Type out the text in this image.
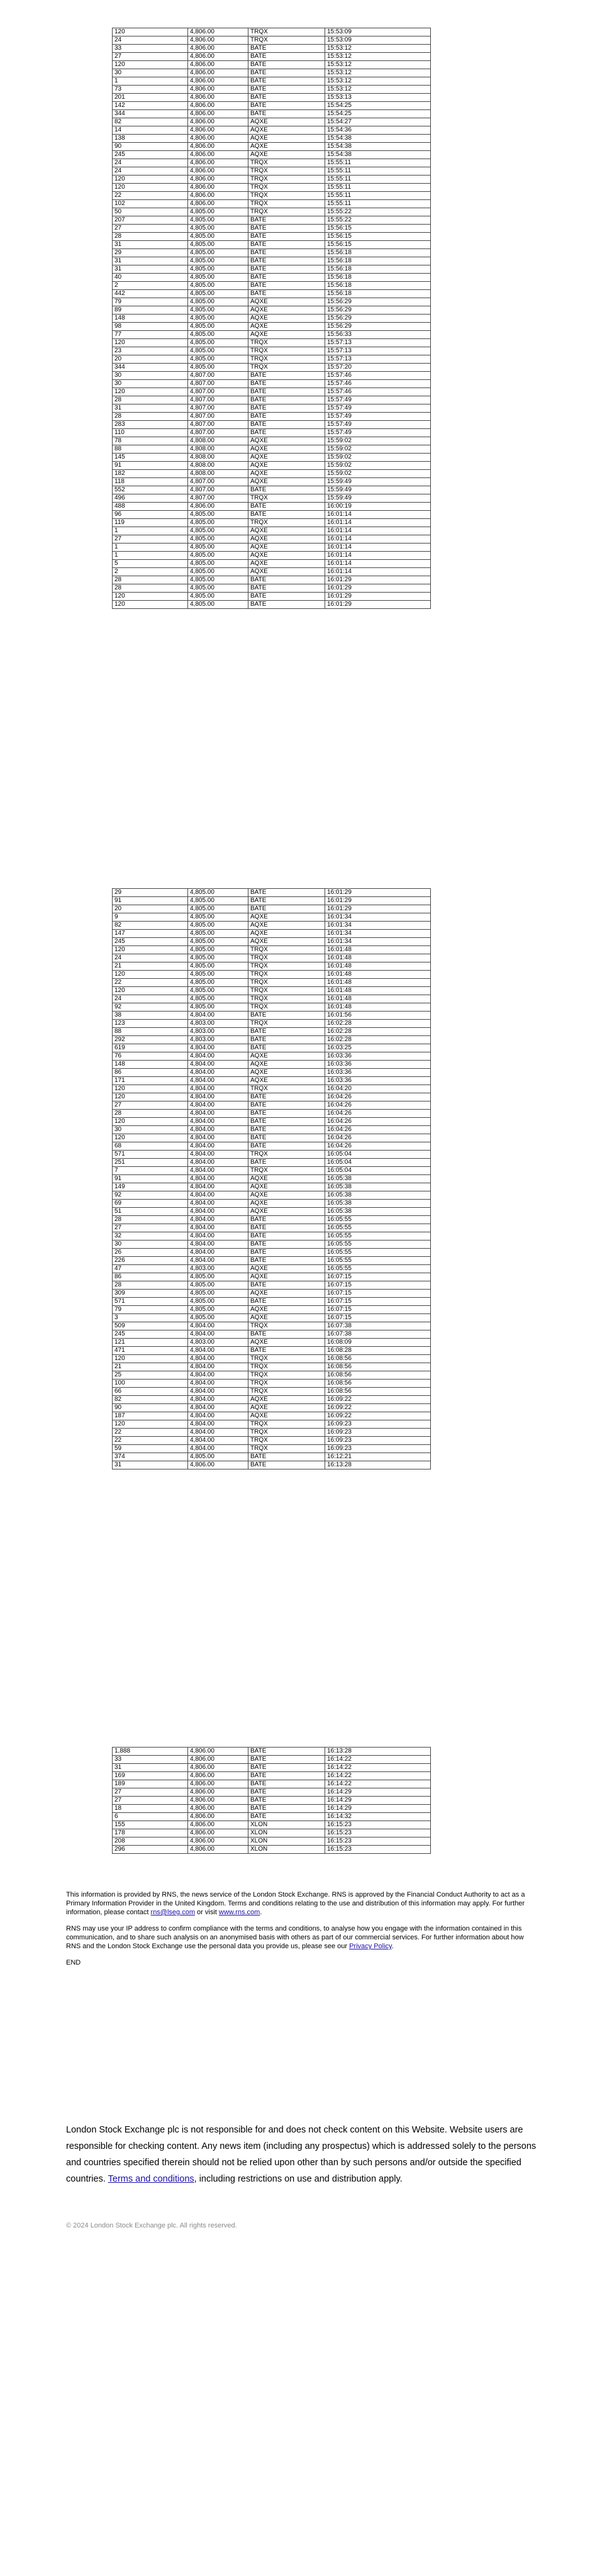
120	4,806.00	TRQX	15:53:09
24	4,806.00	TRQX	15:53:09
33	4,806.00	BATE	15:53:12
27	4,806.00	BATE	15:53:12
120	4,806.00	BATE	15:53:12
30	4,806.00	BATE	15:53:12
1	4,806.00	BATE	15:53:12
73	4,806.00	BATE	15:53:12
201	4,806.00	BATE	15:53:13
142	4,806.00	BATE	15:54:25
344	4,806.00	BATE	15:54:25
82	4,806.00	AQXE	15:54:27
14	4,806.00	AQXE	15:54:36
138	4,806.00	AQXE	15:54:38
90	4,806.00	AQXE	15:54:38
245	4,806.00	AQXE	15:54:38
24	4,806.00	TRQX	15:55:11
24	4,806.00	TRQX	15:55:11
120	4,806.00	TRQX	15:55:11
120	4,806.00	TRQX	15:55:11
22	4,806.00	TRQX	15:55:11
102	4,806.00	TRQX	15:55:11
50	4,805.00	TRQX	15:55:22
207	4,805.00	BATE	15:55:22
27	4,805.00	BATE	15:56:15
28	4,805.00	BATE	15:56:15
31	4,805.00	BATE	15:56:15
29	4,805.00	BATE	15:56:18
31	4,805.00	BATE	15:56:18
31	4,805.00	BATE	15:56:18
40	4,805.00	BATE	15:56:18
2	4,805.00	BATE	15:56:18
442	4,805.00	BATE	15:56:18
79	4,805.00	AQXE	15:56:29
89	4,805.00	AQXE	15:56:29
148	4,805.00	AQXE	15:56:29
98	4,805.00	AQXE	15:56:29
77	4,805.00	AQXE	15:56:33
120	4,805.00	TRQX	15:57:13
23	4,805.00	TRQX	15:57:13
20	4,805.00	TRQX	15:57:13
344	4,805.00	TRQX	15:57:20
30	4,807.00	BATE	15:57:46
30	4,807.00	BATE	15:57:46
120	4,807.00	BATE	15:57:46
28	4,807.00	BATE	15:57:49
31	4,807.00	BATE	15:57:49
28	4,807.00	BATE	15:57:49
283	4,807.00	BATE	15:57:49
110	4,807.00	BATE	15:57:49
78	4,808.00	AQXE	15:59:02
88	4,808.00	AQXE	15:59:02
145	4,808.00	AQXE	15:59:02
91	4,808.00	AQXE	15:59:02
182	4,808.00	AQXE	15:59:02
118	4,807.00	AQXE	15:59:49
552	4,807.00	BATE	15:59:49
496	4,807.00	TRQX	15:59:49
488	4,806.00	BATE	16:00:19
96	4,805.00	BATE	16:01:14
119	4,805.00	TRQX	16:01:14
1	4,805.00	AQXE	16:01:14
27	4,805.00	AQXE	16:01:14
1	4,805.00	AQXE	16:01:14
1	4,805.00	AQXE	16:01:14
5	4,805.00	AQXE	16:01:14
2	4,805.00	AQXE	16:01:14
28	4,805.00	BATE	16:01:29
28	4,805.00	BATE	16:01:29
120	4,805.00	BATE	16:01:29
120	4,805.00	BATE	16:01:29
29	4,805.00	BATE	16:01:29
91	4,805.00	BATE	16:01:29
20	4,805.00	BATE	16:01:29
9	4,805.00	AQXE	16:01:34
82	4,805.00	AQXE	16:01:34
147	4,805.00	AQXE	16:01:34
245	4,805.00	AQXE	16:01:34
120	4,805.00	TRQX	16:01:48
24	4,805.00	TRQX	16:01:48
21	4,805.00	TRQX	16:01:48
120	4,805.00	TRQX	16:01:48
22	4,805.00	TRQX	16:01:48
120	4,805.00	TRQX	16:01:48
24	4,805.00	TRQX	16:01:48
92	4,805.00	TRQX	16:01:48
38	4,804.00	BATE	16:01:56
123	4,803.00	TRQX	16:02:28
88	4,803.00	BATE	16:02:28
292	4,803.00	BATE	16:02:28
619	4,804.00	BATE	16:03:25
76	4,804.00	AQXE	16:03:36
148	4,804.00	AQXE	16:03:36
86	4,804.00	AQXE	16:03:36
171	4,804.00	AQXE	16:03:36
120	4,804.00	TRQX	16:04:20
120	4,804.00	BATE	16:04:26
27	4,804.00	BATE	16:04:26
28	4,804.00	BATE	16:04:26
120	4,804.00	BATE	16:04:26
30	4,804.00	BATE	16:04:26
120	4,804.00	BATE	16:04:26
68	4,804.00	BATE	16:04:26
571	4,804.00	TRQX	16:05:04
251	4,804.00	BATE	16:05:04
7	4,804.00	TRQX	16:05:04
91	4,804.00	AQXE	16:05:38
149	4,804.00	AQXE	16:05:38
92	4,804.00	AQXE	16:05:38
69	4,804.00	AQXE	16:05:38
51	4,804.00	AQXE	16:05:38
28	4,804.00	BATE	16:05:55
27	4,804.00	BATE	16:05:55
32	4,804.00	BATE	16:05:55
30	4,804.00	BATE	16:05:55
26	4,804.00	BATE	16:05:55
226	4,804.00	BATE	16:05:55
47	4,803.00	AQXE	16:05:55
86	4,805.00	AQXE	16:07:15
28	4,805.00	BATE	16:07:15
309	4,805.00	AQXE	16:07:15
571	4,805.00	BATE	16:07:15
79	4,805.00	AQXE	16:07:15
3	4,805.00	AQXE	16:07:15
509	4,804.00	TRQX	16:07:38
245	4,804.00	BATE	16:07:38
121	4,803.00	AQXE	16:08:09
471	4,804.00	BATE	16:08:28
120	4,804.00	TRQX	16:08:56
21	4,804.00	TRQX	16:08:56
25	4,804.00	TRQX	16:08:56
100	4,804.00	TRQX	16:08:56
66	4,804.00	TRQX	16:08:56
82	4,804.00	AQXE	16:09:22
90	4,804.00	AQXE	16:09:22
187	4,804.00	AQXE	16:09:22
120	4,804.00	TRQX	16:09:23
22	4,804.00	TRQX	16:09:23
22	4,804.00	TRQX	16:09:23
59	4,804.00	TRQX	16:09:23
374	4,805.00	BATE	16:12:21
31	4,806.00	BATE	16:13:28
1,888	4,806.00	BATE	16:13:28
33	4,806.00	BATE	16:14:22
31	4,806.00	BATE	16:14:22
169	4,806.00	BATE	16:14:22
189	4,806.00	BATE	16:14:22
27	4,806.00	BATE	16:14:29
27	4,806.00	BATE	16:14:29
18	4,806.00	BATE	16:14:29
6	4,806.00	BATE	16:14:32
155	4,806.00	XLON	16:15:23
178	4,806.00	XLON	16:15:23
208	4,806.00	XLON	16:15:23
296	4,806.00	XLON	16:15:23

This information is provided by RNS, the news service of the London Stock Exchange. RNS is approved by the Financial Conduct Authority to act as a Primary Information Provider in the United Kingdom. Terms and conditions relating to the use and distribution of this information may apply. For further information, please contact rns@lseg.com or visit www.rns.com.

RNS may use your IP address to confirm compliance with the terms and conditions, to analyse how you engage with the information contained in this communication, and to share such analysis on an anonymised basis with others as part of our commercial services. For further information about how RNS and the London Stock Exchange use the personal data you provide us, please see our Privacy Policy.

END

London Stock Exchange plc is not responsible for and does not check content on this Website. Website users are responsible for checking content. Any news item (including any prospectus) which is addressed solely to the persons and countries specified therein should not be relied upon other than by such persons and/or outside the specified countries. Terms and conditions, including restrictions on use and distribution apply.

© 2024 London Stock Exchange plc. All rights reserved.
